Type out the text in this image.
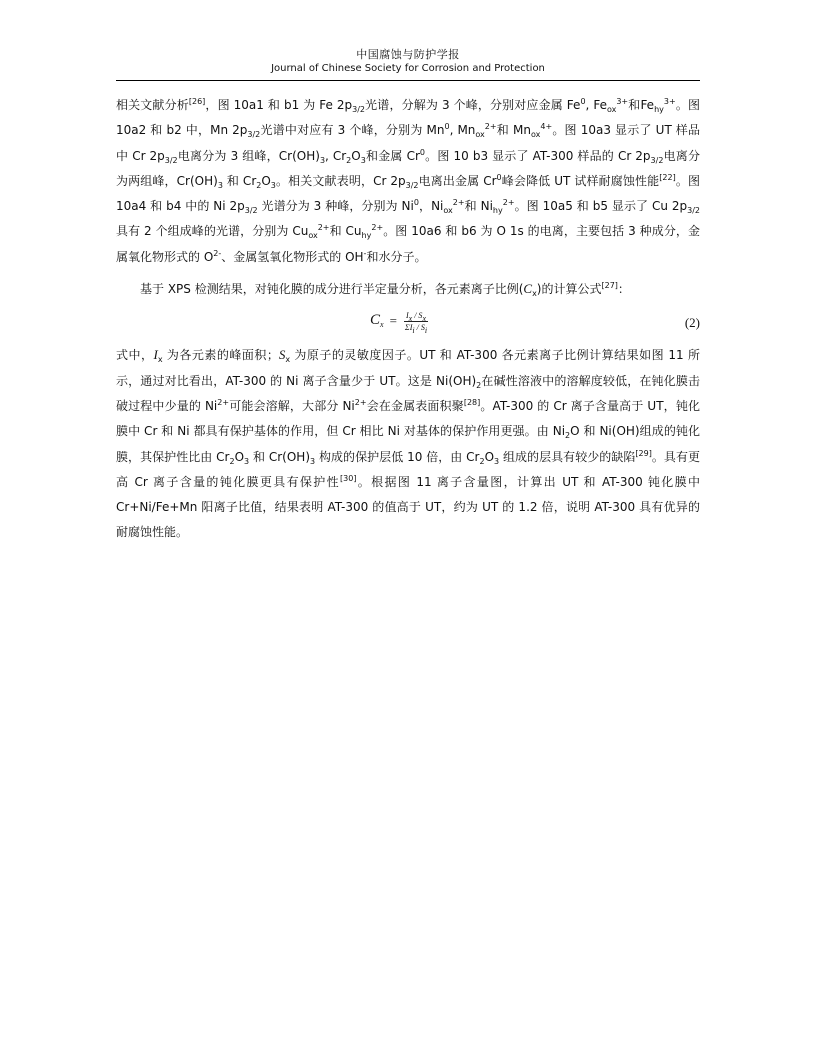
中国腐蚀与防护学报
Journal of Chinese Society for Corrosion and Protection

相关文献分析[26]，图 10a1 和 b1 为 Fe $2p_{3/2}$光谱，分解为 3 个峰，分别对应金属 Fe$^0$, $Fe_{ox}^{3+}$和$Fe_{hy}^{3+}$。图 10a2 和 b2 中，Mn $2p_{3/2}$光谱中对应有 3 个峰，分别为 Mn$^0$, $Mn_{ox}^{2+}$和 $Mn_{ox}^{4+}$。图 10a3 显示了 UT 样品中 Cr $2p_{3/2}$电离分为 3 组峰，$Cr(OH)_3$, $Cr_2O_3$和金属 Cr$^0$。图 10 b3 显示了 AT-300 样品的 Cr $2p_{3/2}$电离分为两组峰，$Cr(OH)_3$ 和 $Cr_2O_3$。相关文献表明，Cr $2p_{3/2}$电离出金属 Cr$^0$峰会降低 UT 试样耐腐蚀性能[22]。图 10a4 和 b4 中的 Ni $2p_{3/2}$ 光谱分为 3 种峰，分别为 Ni$^0$，$Ni_{ox}^{2+}$和 $Ni_{hy}^{2+}$。图 10a5 和 b5 显示了 Cu $2p_{3/2}$ 具有 2 个组成峰的光谱，分别为 $Cu_{ox}^{2+}$和 $Cu_{hy}^{2+}$。图 10a6 和 b6 为 O 1s 的电离，主要包括 3 种成分，金属氧化物形式的 $O^{2-}$、金属氢氧化物形式的 OH-和水分子。

基于 XPS 检测结果，对钝化膜的成分进行半定量分析，各元素离子比例$(C_x)$的计算公式[27]：

$C_x = \frac{I_x / S_x}{\Sigma I_i / S_i}$	(2)

式中，$I_x$ 为各元素的峰面积；$S_x$ 为原子的灵敏度因子。UT 和 AT-300 各元素离子比例计算结果如图 11 所示，通过对比看出，AT-300 的 Ni 离子含量少于 UT。这是 $Ni(OH)_2$在碱性溶液中的溶解度较低，在钝化膜击破过程中少量的 $Ni^{2+}$可能会溶解，大部分 $Ni^{2+}$会在金属表面积聚[28]。AT-300 的 Cr 离子含量高于 UT，钝化膜中 Cr 和 Ni 都具有保护基体的作用，但 Cr 相比 Ni 对基体的保护作用更强。由 $Ni_2O$ 和 Ni(OH)组成的钝化膜，其保护性比由 $Cr_2O_3$ 和 $Cr(OH)_3$ 构成的保护层低 10 倍，由 $Cr_2O_3$ 组成的层具有较少的缺陷[29]。具有更高 Cr 离子含量的钝化膜更具有保护性[30]。根据图 11 离子含量图，计算出 UT 和 AT-300 钝化膜中 Cr+Ni/Fe+Mn 阳离子比值，结果表明 AT-300 的值高于 UT，约为 UT 的 1.2 倍，说明 AT-300 具有优异的耐腐蚀性能。
